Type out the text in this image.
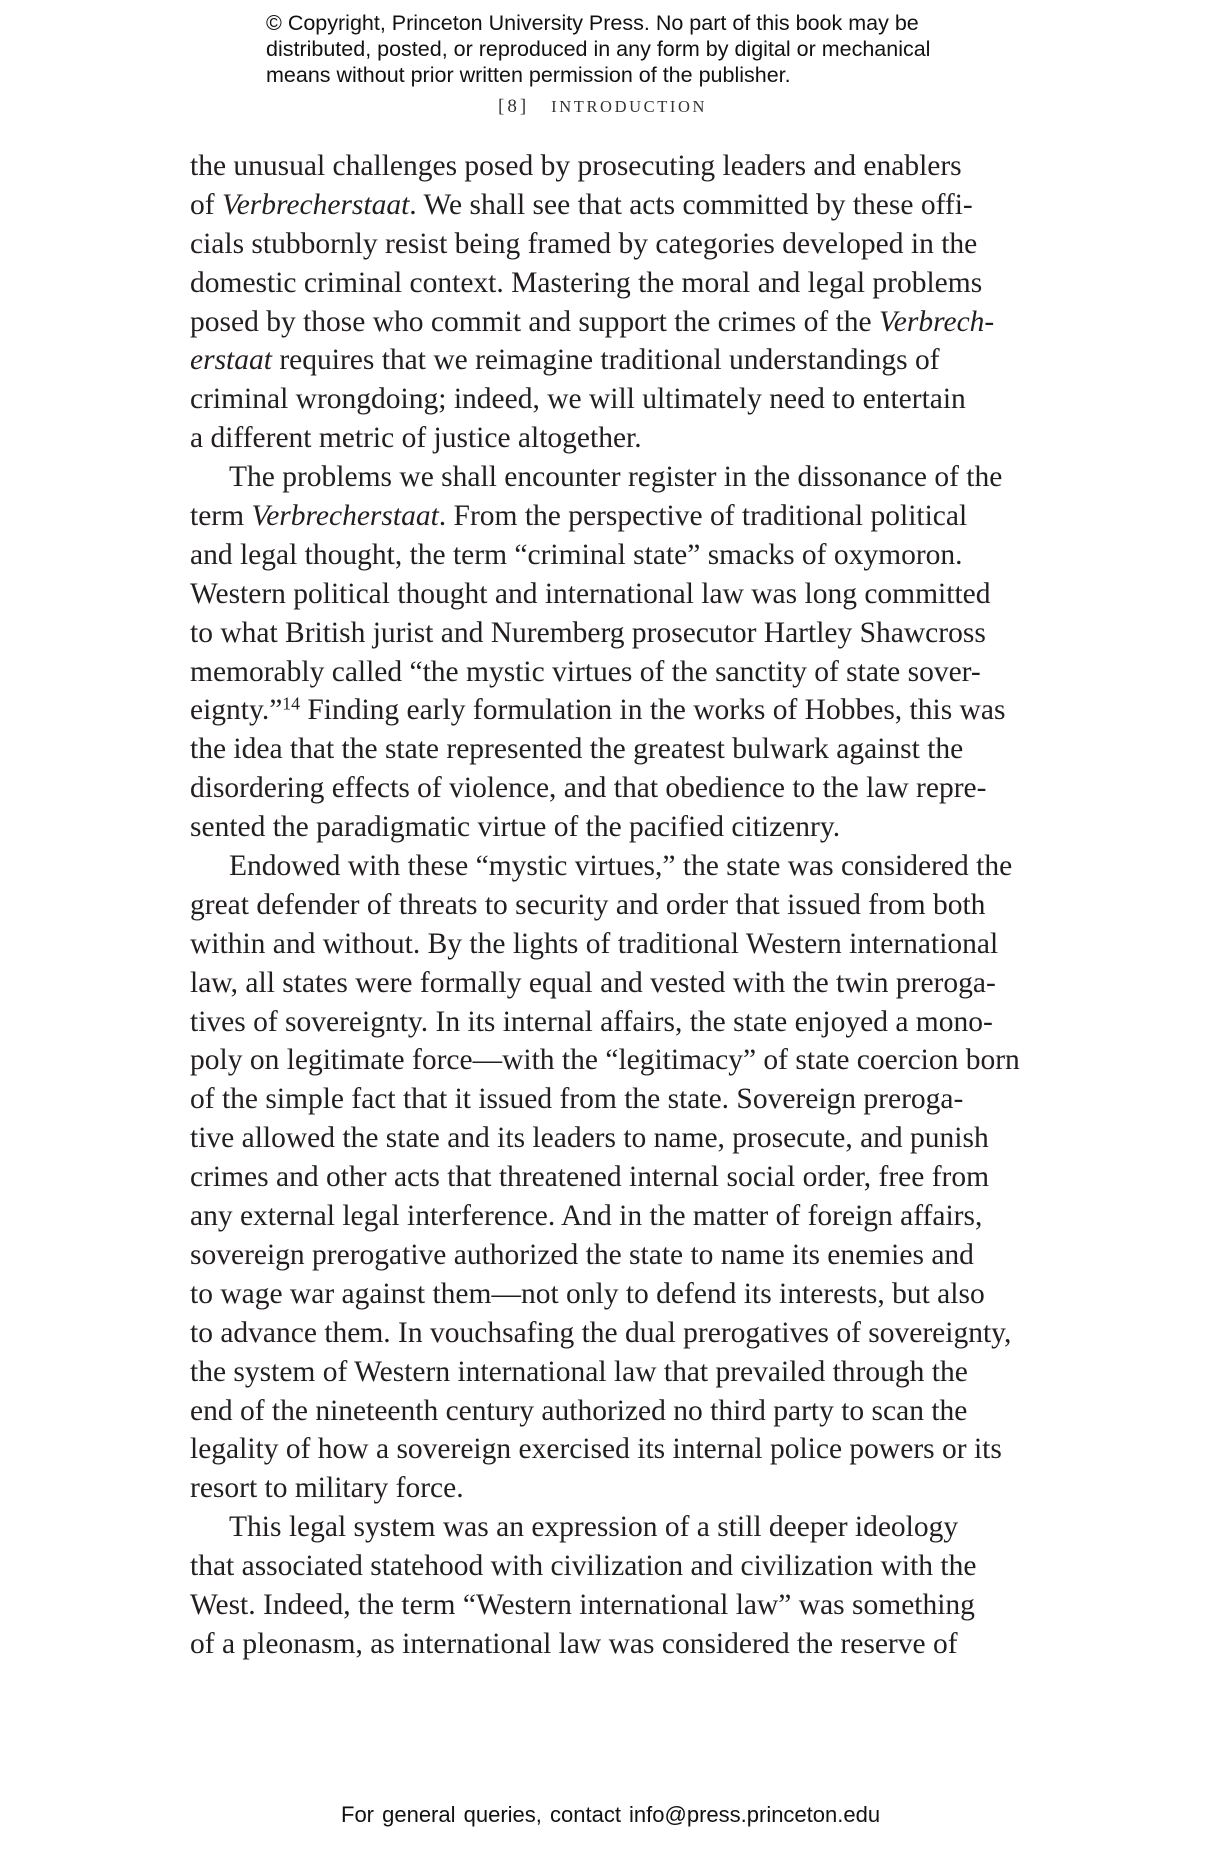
© Copyright, Princeton University Press. No part of this book may be
distributed, posted, or reproduced in any form by digital or mechanical
means without prior written permission of the publisher.
[8] INTRODUCTION
the unusual challenges posed by prosecuting leaders and enablers
of Verbrecherstaat. We shall see that acts committed by these offi-
cials stubbornly resist being framed by categories developed in the
domestic criminal context. Mastering the moral and legal problems
posed by those who commit and support the crimes of the Verbrech-
erstaat requires that we reimagine traditional understandings of
criminal wrongdoing; indeed, we will ultimately need to entertain
a different metric of justice altogether.
The problems we shall encounter register in the dissonance of the
term Verbrecherstaat. From the perspective of traditional political
and legal thought, the term “criminal state” smacks of oxymoron.
Western political thought and international law was long committed
to what British jurist and Nuremberg prosecutor Hartley Shawcross
memorably called “the mystic virtues of the sanctity of state sover-
eignty.”$^{14}$ Finding early formulation in the works of Hobbes, this was
the idea that the state represented the greatest bulwark against the
disordering effects of violence, and that obedience to the law repre-
sented the paradigmatic virtue of the pacified citizenry.
Endowed with these “mystic virtues,” the state was considered the
great defender of threats to security and order that issued from both
within and without. By the lights of traditional Western international
law, all states were formally equal and vested with the twin preroga-
tives of sovereignty. In its internal affairs, the state enjoyed a mono-
poly on legitimate force—with the “legitimacy” of state coercion born
of the simple fact that it issued from the state. Sovereign preroga-
tive allowed the state and its leaders to name, prosecute, and punish
crimes and other acts that threatened internal social order, free from
any external legal interference. And in the matter of foreign affairs,
sovereign prerogative authorized the state to name its enemies and
to wage war against them—not only to defend its interests, but also
to advance them. In vouchsafing the dual prerogatives of sovereignty,
the system of Western international law that prevailed through the
end of the nineteenth century authorized no third party to scan the
legality of how a sovereign exercised its internal police powers or its
resort to military force.
This legal system was an expression of a still deeper ideology
that associated statehood with civilization and civilization with the
West. Indeed, the term “Western international law” was something
of a pleonasm, as international law was considered the reserve of
For general queries, contact info@press.princeton.edu
